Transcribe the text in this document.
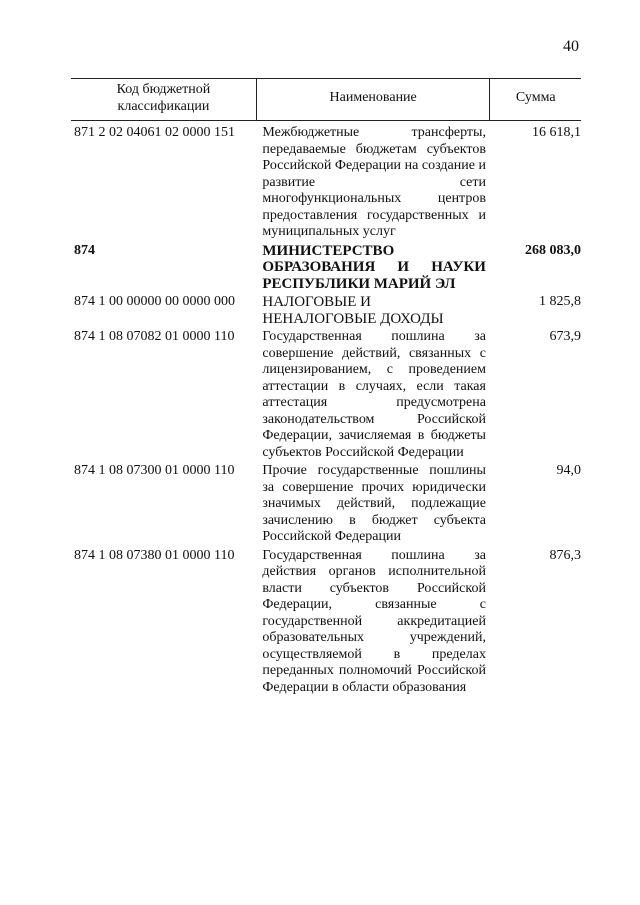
40
Код бюджетной классификации	Наименование	Сумма
871 2 02 04061 02 0000 151	Межбюджетные трансферты, передаваемые бюджетам субъектов Российской Федерации на создание и развитие сети многофункциональных центров предоставления государственных и муниципальных услуг	16 618,1
874	МИНИСТЕРСТВО ОБРАЗОВАНИЯ И НАУКИ РЕСПУБЛИКИ МАРИЙ ЭЛ	268 083,0
874 1 00 00000 00 0000 000	НАЛОГОВЫЕ И НЕНАЛОГОВЫЕ ДОХОДЫ	1 825,8
874 1 08 07082 01 0000 110	Государственная пошлина за совершение действий, связанных с лицензированием, с проведением аттестации в случаях, если такая аттестация предусмотрена законодательством Российской Федерации, зачисляемая в бюджеты субъектов Российской Федерации	673,9
874 1 08 07300 01 0000 110	Прочие государственные пошлины за совершение прочих юридически значимых действий, подлежащие зачислению в бюджет субъекта Российской Федерации	94,0
874 1 08 07380 01 0000 110	Государственная пошлина за действия органов исполнительной власти субъектов Российской Федерации, связанные с государственной аккредитацией образовательных учреждений, осуществляемой в пределах переданных полномочий Российской Федерации в области образования	876,3
